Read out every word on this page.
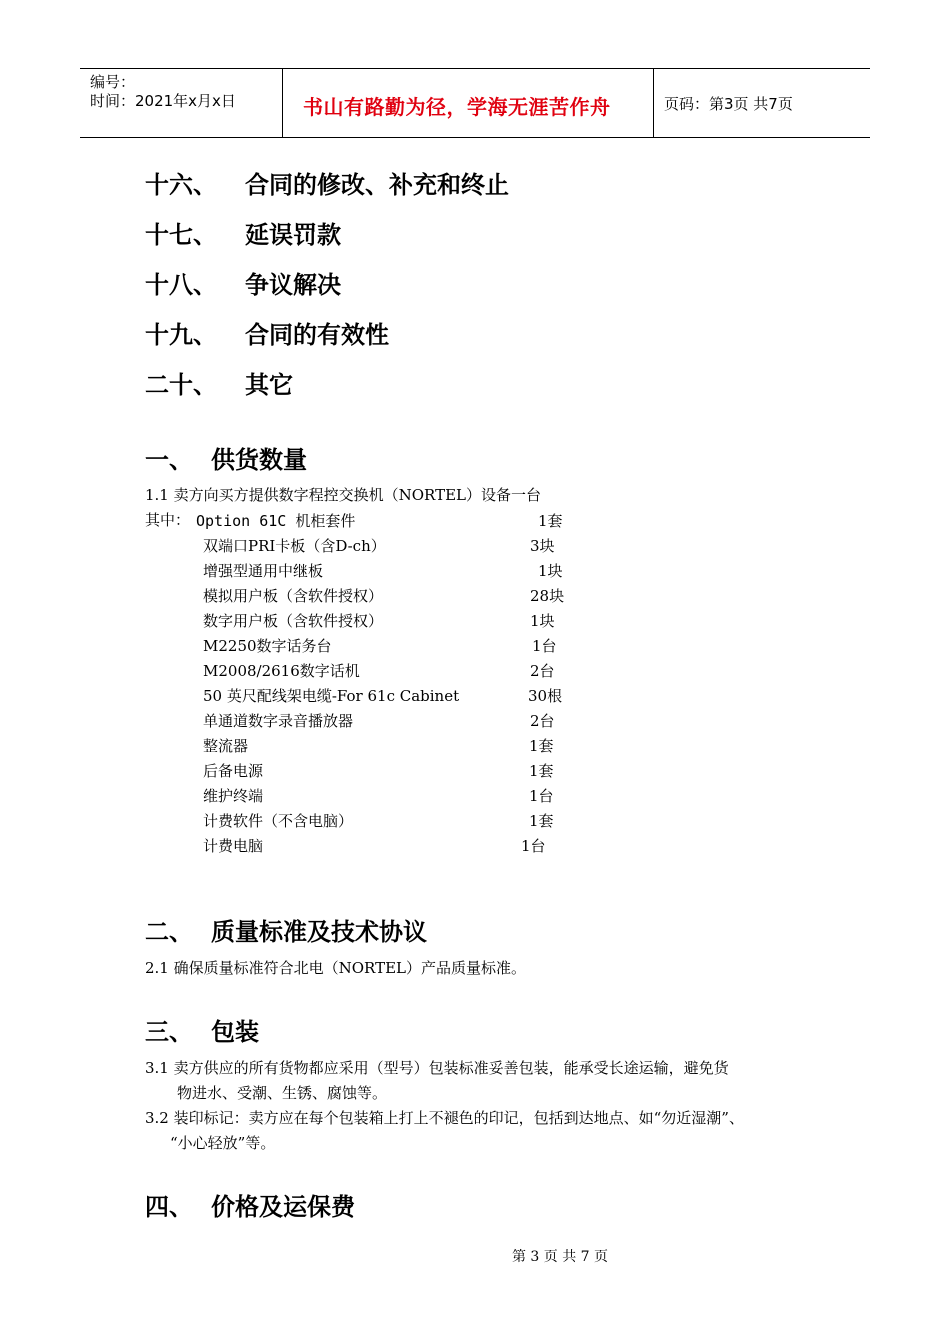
编号：
时间：2021年x月x日	书山有路勤为径，学海无涯苦作舟	页码：第3页 共7页
十六、 合同的修改、补充和终止
十七、 延误罚款
十八、 争议解决
十九、 合同的有效性
二十、 其它
一、 供货数量
1.1 卖方向买方提供数字程控交换机（NORTEL）设备一台
其中： Option 61C 机柜套件	1套
双端口PRI卡板（含D-ch）	3块
增强型通用中继板	1块
模拟用户板（含软件授权）	28块
数字用户板（含软件授权）	1块
M2250数字话务台	1台
M2008/2616数字话机	2台
50 英尺配线架电缆-For 61c Cabinet	30根
单通道数字录音播放器	2台
整流器	1套
后备电源	1套
维护终端	1台
计费软件（不含电脑）	1套
计费电脑	1台
二、 质量标准及技术协议
2.1 确保质量标准符合北电（NORTEL）产品质量标准。
三、 包装
3.1 卖方供应的所有货物都应采用（型号）包装标准妥善包装，能承受长途运输，避免货
物进水、受潮、生锈、腐蚀等。
3.2 装印标记：卖方应在每个包装箱上打上不褪色的印记，包括到达地点、如“勿近湿潮”、
“小心轻放”等。
四、 价格及运保费
第 3 页 共 7 页
